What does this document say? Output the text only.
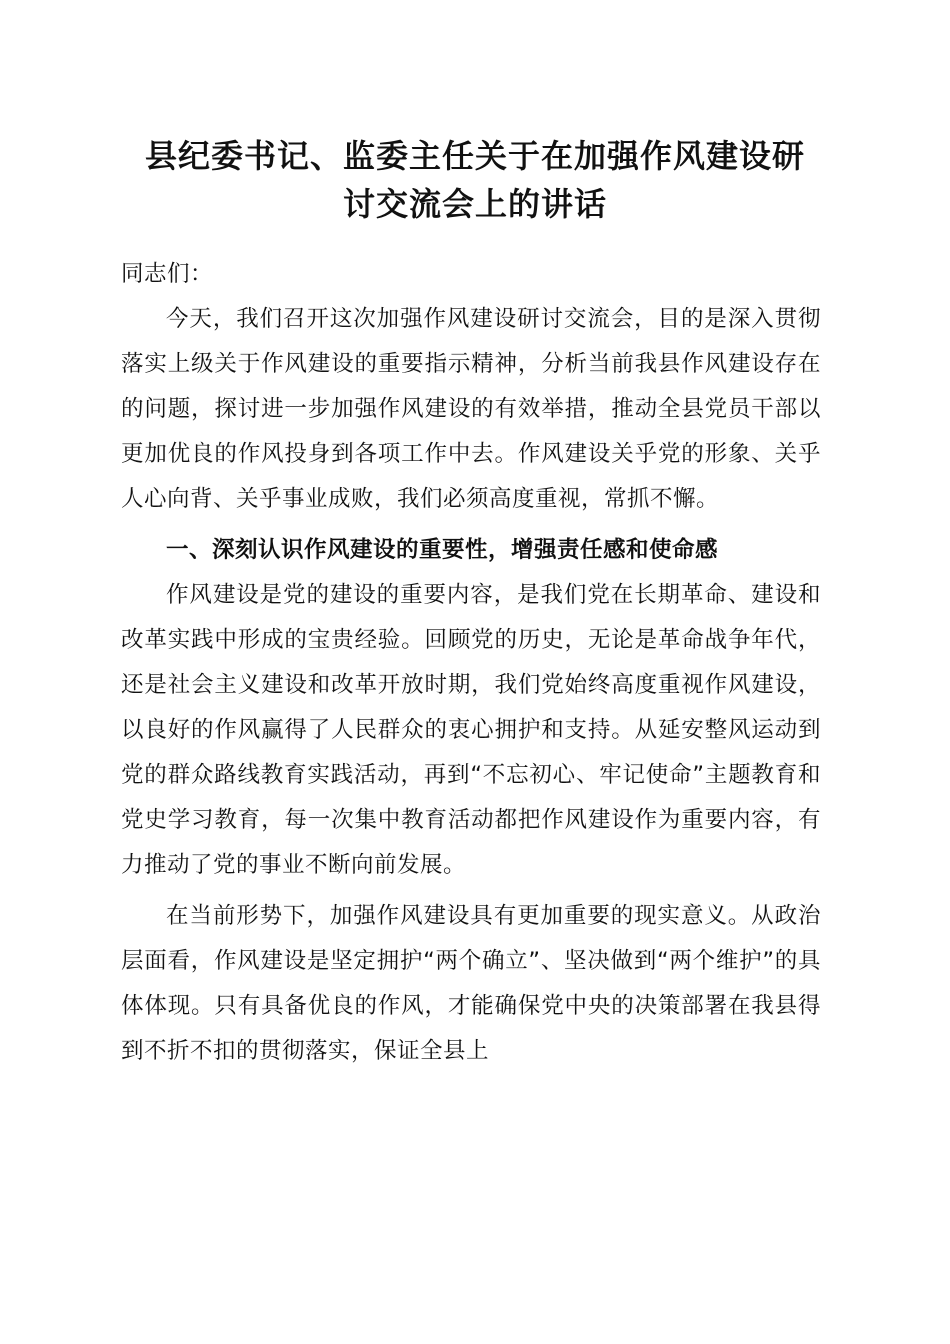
县纪委书记、监委主任关于在加强作风建设研
讨交流会上的讲话

同志们：

今天，我们召开这次加强作风建设研讨交流会，目的是深入贯彻落实上级关于作风建设的重要指示精神，分析当前我县作风建设存在的问题，探讨进一步加强作风建设的有效举措，推动全县党员干部以更加优良的作风投身到各项工作中去。作风建设关乎党的形象、关乎人心向背、关乎事业成败，我们必须高度重视，常抓不懈。

一、深刻认识作风建设的重要性，增强责任感和使命感

作风建设是党的建设的重要内容，是我们党在长期革命、建设和改革实践中形成的宝贵经验。回顾党的历史，无论是革命战争年代，还是社会主义建设和改革开放时期，我们党始终高度重视作风建设，以良好的作风赢得了人民群众的衷心拥护和支持。从延安整风运动到党的群众路线教育实践活动，再到“不忘初心、牢记使命”主题教育和党史学习教育，每一次集中教育活动都把作风建设作为重要内容，有力推动了党的事业不断向前发展。

在当前形势下，加强作风建设具有更加重要的现实意义。从政治层面看，作风建设是坚定拥护“两个确立”、坚决做到“两个维护”的具体体现。只有具备优良的作风，才能确保党中央的决策部署在我县得到不折不扣的贯彻落实，保证全县上
